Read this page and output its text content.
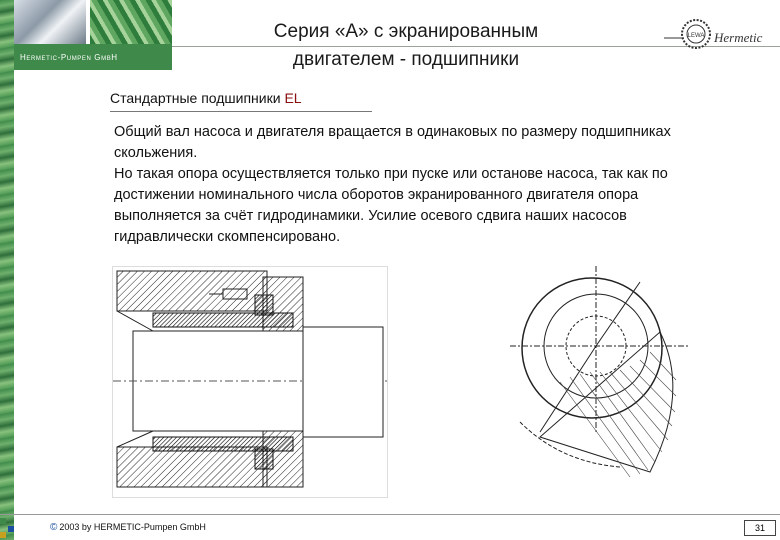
Hermetic-Pumpen GmbH
Серия «А» с экранированным
двигателем - подшипники
LEWA Hermetic
Стандартные подшипники EL

Общий вал насоса и двигателя вращается в одинаковых по размеру подшипниках скольжения.

Но такая опора осуществляется только при пуске или останове насоса, так как по достижении номинального числа оборотов экранированного двигателя опора выполняется за счёт гидродинамики. Усилие осевого сдвига наших насосов гидравлически скомпенсировано.

© 2003 by HERMETIC-Pumpen GmbH	31
